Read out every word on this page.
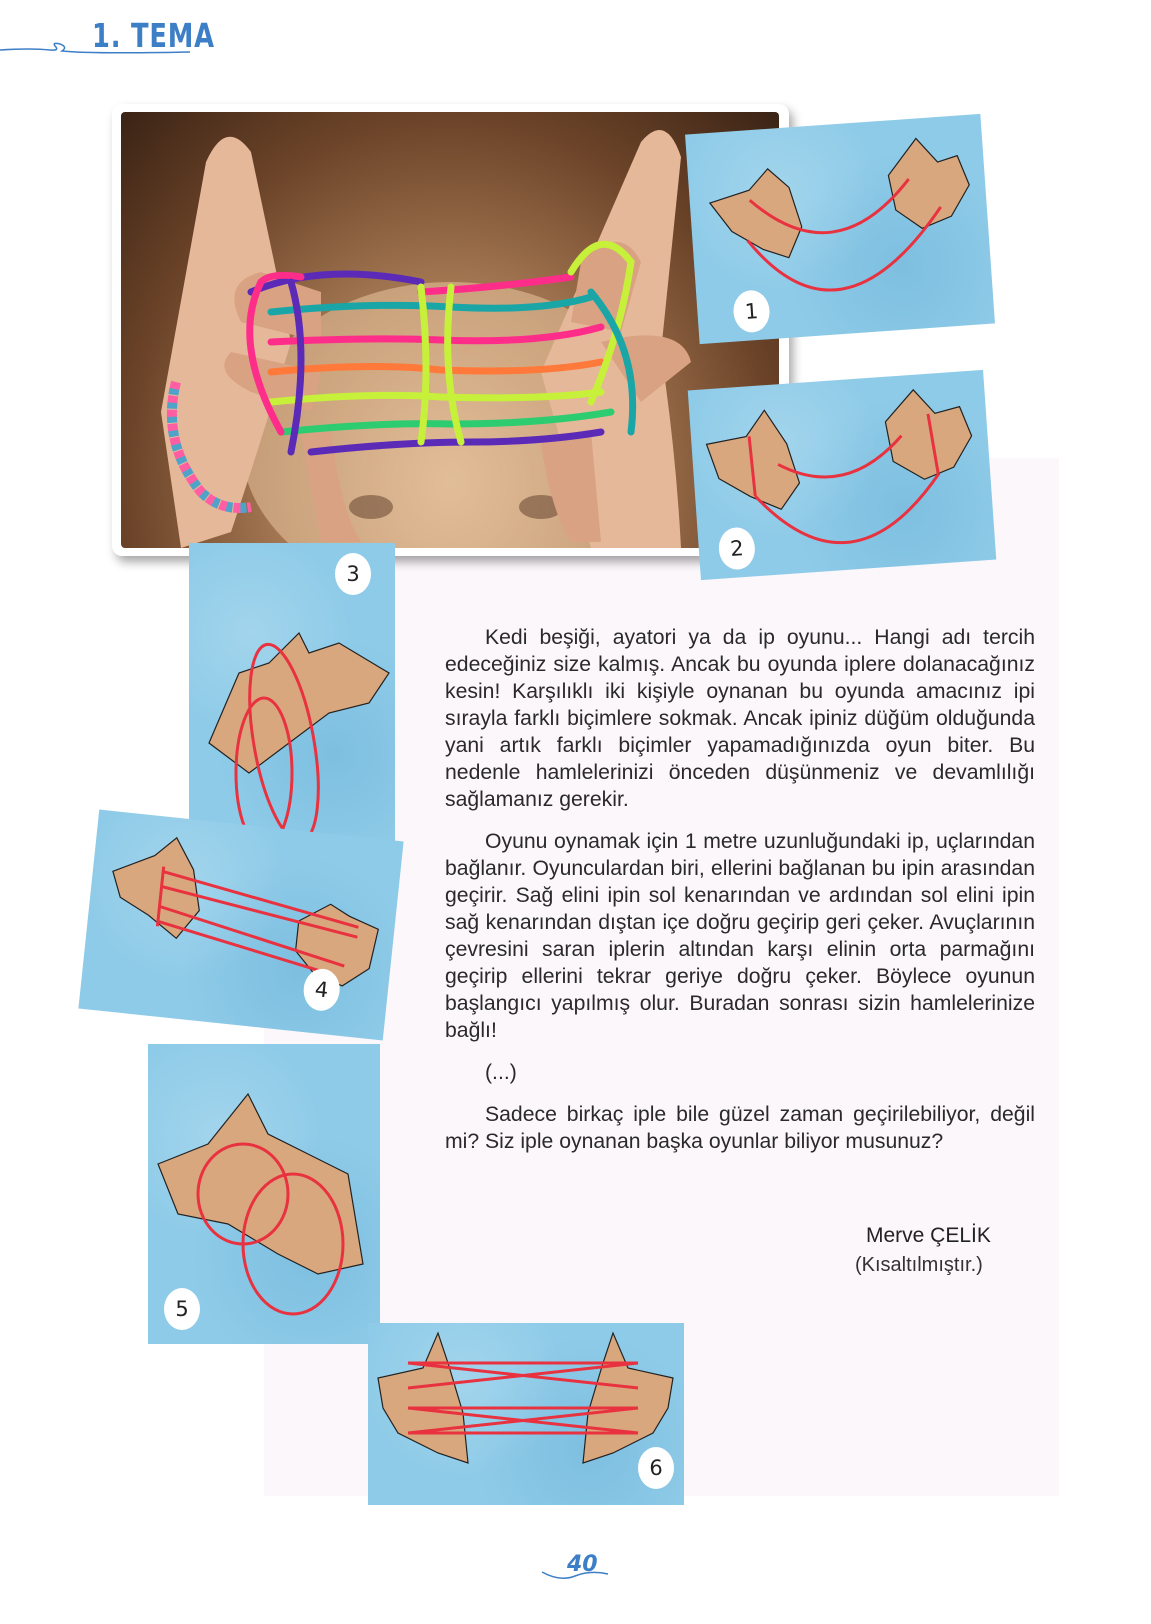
1. TEMA
1
2
3
4
5
6

Kedi beşiği, ayatori ya da ip oyunu... Hangi adı tercih edeceğiniz size kalmış. Ancak bu oyunda iplere dolanacağınız kesin! Karşılıklı iki kişiyle oynanan bu oyunda amacınız ipi sırayla farklı biçimlere sokmak. Ancak ipiniz düğüm olduğunda yani artık farklı biçimler yapamadığınızda oyun biter. Bu nedenle hamlelerinizi önceden düşünmeniz ve devamlılığı sağlamanız gerekir.

Oyunu oynamak için 1 metre uzunluğundaki ip, uçlarından bağlanır. Oyunculardan biri, ellerini bağlanan bu ipin arasından geçirir. Sağ elini ipin sol kenarından ve ardından sol elini ipin sağ kenarından dıştan içe doğru geçirip geri çeker. Avuçlarının çevresini saran iplerin altından karşı elinin orta parmağını geçirip ellerini tekrar geriye doğru çeker. Böylece oyunun başlangıcı yapılmış olur. Buradan sonrası sizin hamlelerinize bağlı!

(...)

Sadece birkaç iple bile güzel zaman geçirilebiliyor, değil mi? Siz iple oynanan başka oyunlar biliyor musunuz?

Merve ÇELİK
(Kısaltılmıştır.)
40
